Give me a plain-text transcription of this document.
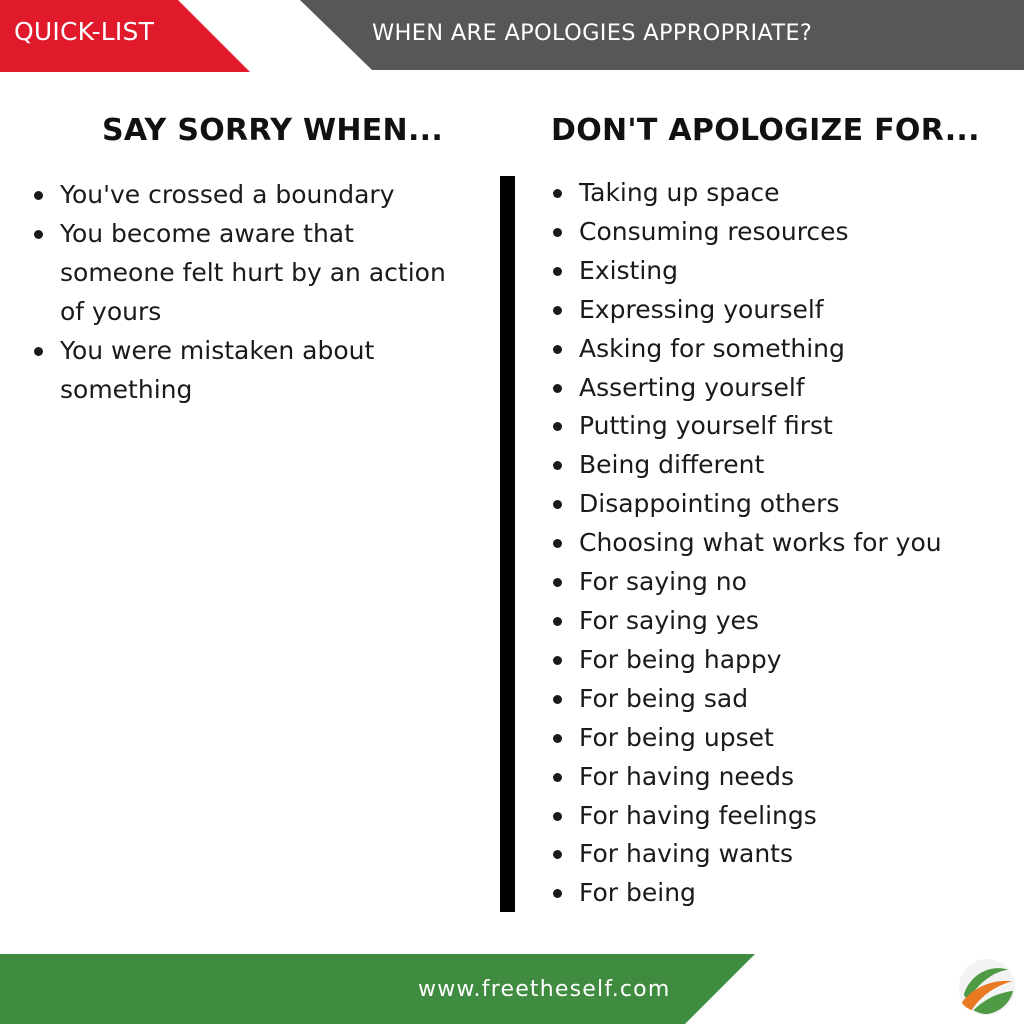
QUICK-LIST	WHEN ARE APOLOGIES APPROPRIATE?
SAY SORRY WHEN...
You've crossed a boundary
You become aware that someone felt hurt by an action of yours
You were mistaken about something
DON'T APOLOGIZE FOR...
Taking up space
Consuming resources
Existing
Expressing yourself
Asking for something
Asserting yourself
Putting yourself first
Being different
Disappointing others
Choosing what works for you
For saying no
For saying yes
For being happy
For being sad
For being upset
For having needs
For having feelings
For having wants
For being
www.freetheself.com
